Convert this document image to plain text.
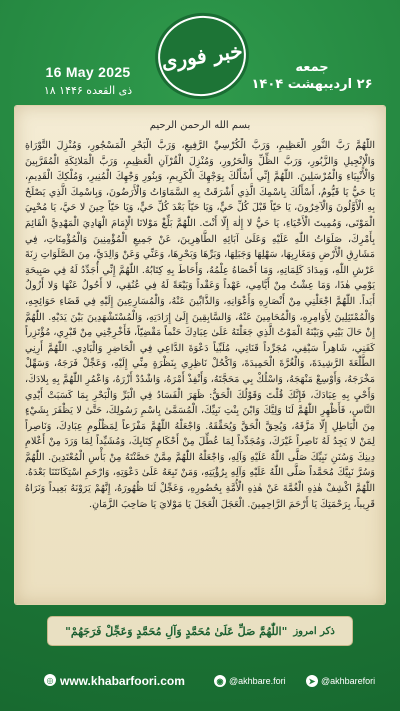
16 May 2025
۱۸ ذی القعده ۱۴۴۶
خبر فوری	جمعه
۲۶ اردیبهشت ۱۴۰۴
بسم الله الرحمن الرحیم
اللّٰهُمَّ رَبَّ النُّورِ الْعَظِيمِ، وَرَبَّ الْكُرْسِيِّ الرَّفِيعِ، وَرَبَّ الْبَحْرِ الْمَسْجُورِ، وَمُنْزِلَ التَّوْرَاةِ وَالْإِنْجِيلِ وَالزَّبُورِ، وَرَبَّ الظِّلِّ وَالْحَرُورِ، وَمُنْزِلَ الْقُرْآنِ الْعَظِيمِ، وَرَبَّ الْمَلائِكَةِ الْمُقَرَّبِينَ وَالْأَنْبِيَاءِ وَالْمُرْسَلِينَ. اللّٰهُمَّ إِنِّي أَسْأَلُكَ بِوَجْهِكَ الْكَرِيمِ، وَبِنُورِ وَجْهِكَ الْمُنِيرِ، وَمُلْكِكَ الْقَدِيمِ، يَا حَيُّ يَا قَيُّومُ، أَسْأَلُكَ بِاسْمِكَ الَّذِي أَشْرَقَتْ بِهِ السَّمَاوَاتُ وَالْأَرَضُونَ، وَبِاسْمِكَ الَّذِي يَصْلَحُ بِهِ الْأَوَّلُونَ وَالْآخِرُونَ، يَا حَيّاً قَبْلَ كُلِّ حَيٍّ، وَيَا حَيّاً بَعْدَ كُلِّ حَيٍّ، وَيَا حَيّاً حِينَ لا حَيَّ، يَا مُحْيِيَ الْمَوْتَى، وَمُمِيتَ الْأَحْيَاءِ، يَا حَيُّ لا إِلٰهَ إِلّا أَنْتَ. اللّٰهُمَّ بَلِّغْ مَوْلانَا الْإِمَامَ الْهَادِيَ الْمَهْدِيَّ الْقَائِمَ بِأَمْرِكَ، صَلَوَاتُ اللّٰهِ عَلَيْهِ وَعَلَىٰ آبَائِهِ الطَّاهِرِينَ، عَنْ جَمِيعِ الْمُؤْمِنِينَ وَالْمُؤْمِنَاتِ، فِي مَشَارِقِ الْأَرْضِ وَمَغَارِبِهَا، سَهْلِهَا وَجَبَلِهَا، وَبَرِّهَا وَبَحْرِهَا، وَعَنِّي وَعَنْ وَالِدَيَّ، مِنَ الصَّلَوَاتِ زِنَةَ عَرْشِ اللّٰهِ، وَمِدَادَ كَلِمَاتِهِ، وَمَا أَحْصَاهُ عِلْمُهُ، وَأَحَاطَ بِهِ كِتَابُهُ. اللّٰهُمَّ إِنِّي أُجَدِّدُ لَهُ فِي صَبِيحَةِ يَوْمِي هٰذَا، وَمَا عِشْتُ مِنْ أَيَّامِي، عَهْداً وَعَقْداً وَبَيْعَةً لَهُ فِي عُنُقِي، لا أَحُولُ عَنْهَا وَلا أَزُولُ أَبَداً. اللّٰهُمَّ اجْعَلْنِي مِنْ أَنْصَارِهِ وَأَعْوَانِهِ، وَالذَّابِّينَ عَنْهُ، وَالْمُسَارِعِينَ إِلَيْهِ فِي قَضَاءِ حَوَائِجِهِ، وَالْمُمْتَثِلِينَ لِأَوَامِرِهِ، وَالْمُحَامِينَ عَنْهُ، وَالسَّابِقِينَ إِلَىٰ إِرَادَتِهِ، وَالْمُسْتَشْهَدِينَ بَيْنَ يَدَيْهِ. اللّٰهُمَّ إِنْ حَالَ بَيْنِي وَبَيْنَهُ الْمَوْتُ الَّذِي جَعَلْتَهُ عَلَىٰ عِبَادِكَ حَتْماً مَقْضِيّاً، فَأَخْرِجْنِي مِنْ قَبْرِي، مُؤْتَزِراً كَفَنِي، شَاهِراً سَيْفِي، مُجَرِّداً قَنَاتِي، مُلَبِّياً دَعْوَةَ الدَّاعِي فِي الْحَاضِرِ وَالْبَادِي. اللّٰهُمَّ أَرِنِي الطَّلْعَةَ الرَّشِيدَةَ، وَالْغُرَّةَ الْحَمِيدَةَ، وَاكْحُلْ نَاظِرِي بِنَظْرَةٍ مِنِّي إِلَيْهِ، وَعَجِّلْ فَرَجَهُ، وَسَهِّلْ مَخْرَجَهُ، وَأَوْسِعْ مَنْهَجَهُ، وَاسْلُكْ بِي مَحَجَّتَهُ، وَأَنْفِذْ أَمْرَهُ، وَاشْدُدْ أَزْرَهُ، وَاعْمُرِ اللّٰهُمَّ بِهِ بِلادَكَ، وَأَحْيِ بِهِ عِبَادَكَ، فَإِنَّكَ قُلْتَ وَقَوْلُكَ الْحَقُّ: ظَهَرَ الْفَسَادُ فِي الْبَرِّ وَالْبَحْرِ بِمَا كَسَبَتْ أَيْدِي النَّاسِ، فَأَظْهِرِ اللّٰهُمَّ لَنَا وَلِيَّكَ وَابْنَ بِنْتِ نَبِيِّكَ، الْمُسَمَّىٰ بِاسْمِ رَسُولِكَ، حَتَّىٰ لا يَظْفَرَ بِشَيْءٍ مِنَ الْبَاطِلِ إِلّا مَزَّقَهُ، وَيُحِقَّ الْحَقَّ وَيُحَقِّقَهُ. وَاجْعَلْهُ اللّٰهُمَّ مَفْزَعاً لِمَظْلُومِ عِبَادِكَ، وَنَاصِراً لِمَنْ لا يَجِدُ لَهُ نَاصِراً غَيْرَكَ، وَمُجَدِّداً لِمَا عُطِّلَ مِنْ أَحْكَامِ كِتَابِكَ، وَمُشَيِّداً لِمَا وَرَدَ مِنْ أَعْلامِ دِينِكَ وَسُنَنِ نَبِيِّكَ صَلَّى اللّٰهُ عَلَيْهِ وَآلِهِ، وَاجْعَلْهُ اللّٰهُمَّ مِمَّنْ حَصَّنْتَهُ مِنْ بَأْسِ الْمُعْتَدِينَ. اللّٰهُمَّ وَسُرَّ نَبِيَّكَ مُحَمَّداً صَلَّى اللّٰهُ عَلَيْهِ وَآلِهِ بِرُؤْيَتِهِ، وَمَنْ تَبِعَهُ عَلَىٰ دَعْوَتِهِ، وَارْحَمِ اسْتِكَانَتَنَا بَعْدَهُ. اللّٰهُمَّ اكْشِفْ هٰذِهِ الْغُمَّةَ عَنْ هٰذِهِ الْأُمَّةِ بِحُضُورِهِ، وَعَجِّلْ لَنَا ظُهُورَهُ، إِنَّهُمْ يَرَوْنَهُ بَعِيداً وَنَرَاهُ قَرِيباً، بِرَحْمَتِكَ يَا أَرْحَمَ الرَّاحِمِينَ. الْعَجَلَ الْعَجَلَ يَا مَوْلايَ يَا صَاحِبَ الزَّمَانِ.
ذکر امروز
"اللّٰهُمَّ صَلِّ عَلَىٰ مُحَمَّدٍ وَآلِ مُحَمَّدٍ وَعَجِّلْ فَرَجَهُمْ"
◎ www.khabarfoori.com	◉ @akhbare.fori	➤ @akhbarefori
